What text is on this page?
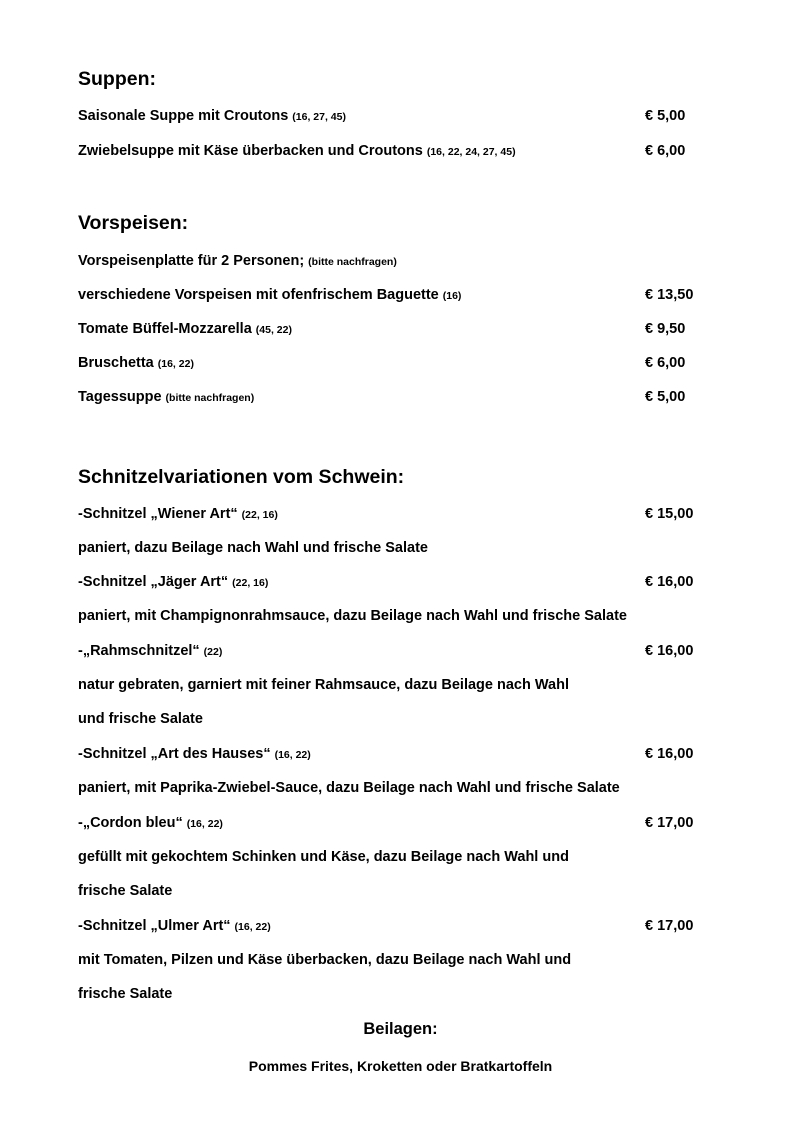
Suppen:
Saisonale Suppe mit Croutons (16, 27, 45)	€ 5,00
Zwiebelsuppe mit Käse überbacken und Croutons (16, 22, 24, 27, 45)	€ 6,00
Vorspeisen:
Vorspeisenplatte für 2 Personen; (bitte nachfragen)
verschiedene Vorspeisen mit ofenfrischem Baguette (16)	€ 13,50
Tomate Büffel-Mozzarella (45, 22)	€ 9,50
Bruschetta (16, 22)	€ 6,00
Tagessuppe (bitte nachfragen)	€ 5,00
Schnitzelvariationen vom Schwein:
-Schnitzel „Wiener Art“ (22, 16)	€ 15,00
paniert, dazu Beilage nach Wahl und frische Salate
-Schnitzel „Jäger Art“ (22, 16)	€ 16,00
paniert, mit Champignonrahmsauce, dazu Beilage nach Wahl und frische Salate
-„Rahmschnitzel“ (22)	€ 16,00
natur gebraten, garniert mit feiner Rahmsauce, dazu Beilage nach Wahl
und frische Salate
-Schnitzel „Art des Hauses“ (16, 22)	€ 16,00
paniert, mit Paprika-Zwiebel-Sauce, dazu Beilage nach Wahl und frische Salate
-„Cordon bleu“ (16, 22)	€ 17,00
gefüllt mit gekochtem Schinken und Käse, dazu Beilage nach Wahl und
frische Salate
-Schnitzel „Ulmer Art“ (16, 22)	€ 17,00
mit Tomaten, Pilzen und Käse überbacken, dazu Beilage nach Wahl und
frische Salate
Beilagen:
Pommes Frites, Kroketten oder Bratkartoffeln
